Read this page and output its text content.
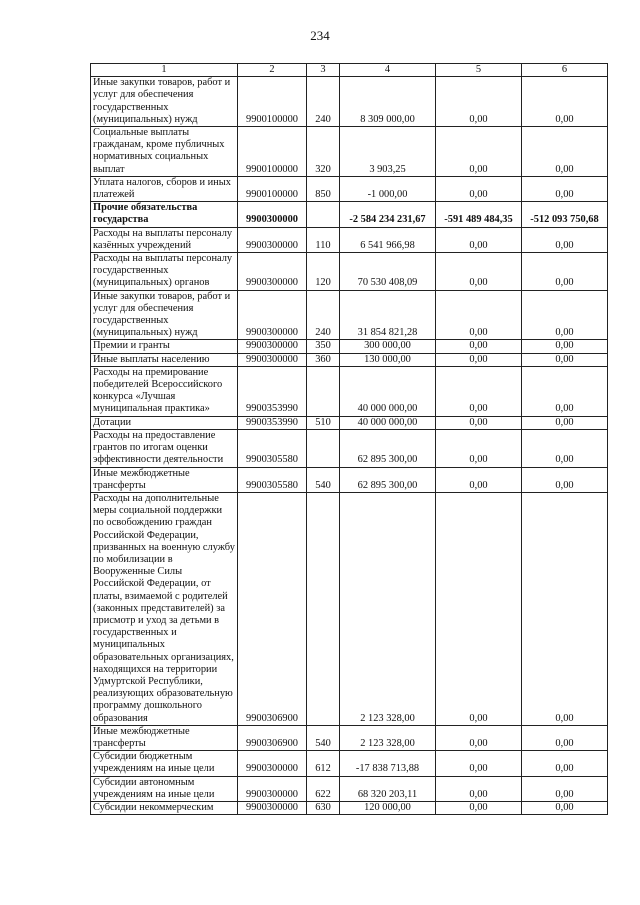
234
1	2	3	4	5	6
Иные закупки товаров, работ и услуг для обеспечения государственных (муниципальных) нужд	9900100000	240	8 309 000,00	0,00	0,00
Социальные выплаты гражданам, кроме публичных нормативных социальных выплат	9900100000	320	3 903,25	0,00	0,00
Уплата налогов, сборов и иных платежей	9900100000	850	-1 000,00	0,00	0,00
Прочие обязательства государства	9900300000		-2 584 234 231,67	-591 489 484,35	-512 093 750,68
Расходы на выплаты персоналу казённых учреждений	9900300000	110	6 541 966,98	0,00	0,00
Расходы на выплаты персоналу государственных (муниципальных) органов	9900300000	120	70 530 408,09	0,00	0,00
Иные закупки товаров, работ и услуг для обеспечения государственных (муниципальных) нужд	9900300000	240	31 854 821,28	0,00	0,00
Премии и гранты	9900300000	350	300 000,00	0,00	0,00
Иные выплаты населению	9900300000	360	130 000,00	0,00	0,00
Расходы на премирование победителей Всероссийского конкурса «Лучшая муниципальная практика»	9900353990		40 000 000,00	0,00	0,00
Дотации	9900353990	510	40 000 000,00	0,00	0,00
Расходы на предоставление грантов по итогам оценки эффективности деятельности	9900305580		62 895 300,00	0,00	0,00
Иные межбюджетные трансферты	9900305580	540	62 895 300,00	0,00	0,00
Расходы на дополнительные меры социальной поддержки по освобождению граждан Российской Федерации, призванных на военную службу по мобилизации в Вооруженные Силы Российской Федерации, от платы, взимаемой с родителей (законных представителей) за присмотр и уход за детьми в государственных и муниципальных образовательных организациях, находящихся на территории Удмуртской Республики, реализующих образовательную программу дошкольного образования	9900306900		2 123 328,00	0,00	0,00
Иные межбюджетные трансферты	9900306900	540	2 123 328,00	0,00	0,00
Субсидии бюджетным учреждениям на иные цели	9900300000	612	-17 838 713,88	0,00	0,00
Субсидии автономным учреждениям на иные цели	9900300000	622	68 320 203,11	0,00	0,00
Субсидии некоммерческим	9900300000	630	120 000,00	0,00	0,00
